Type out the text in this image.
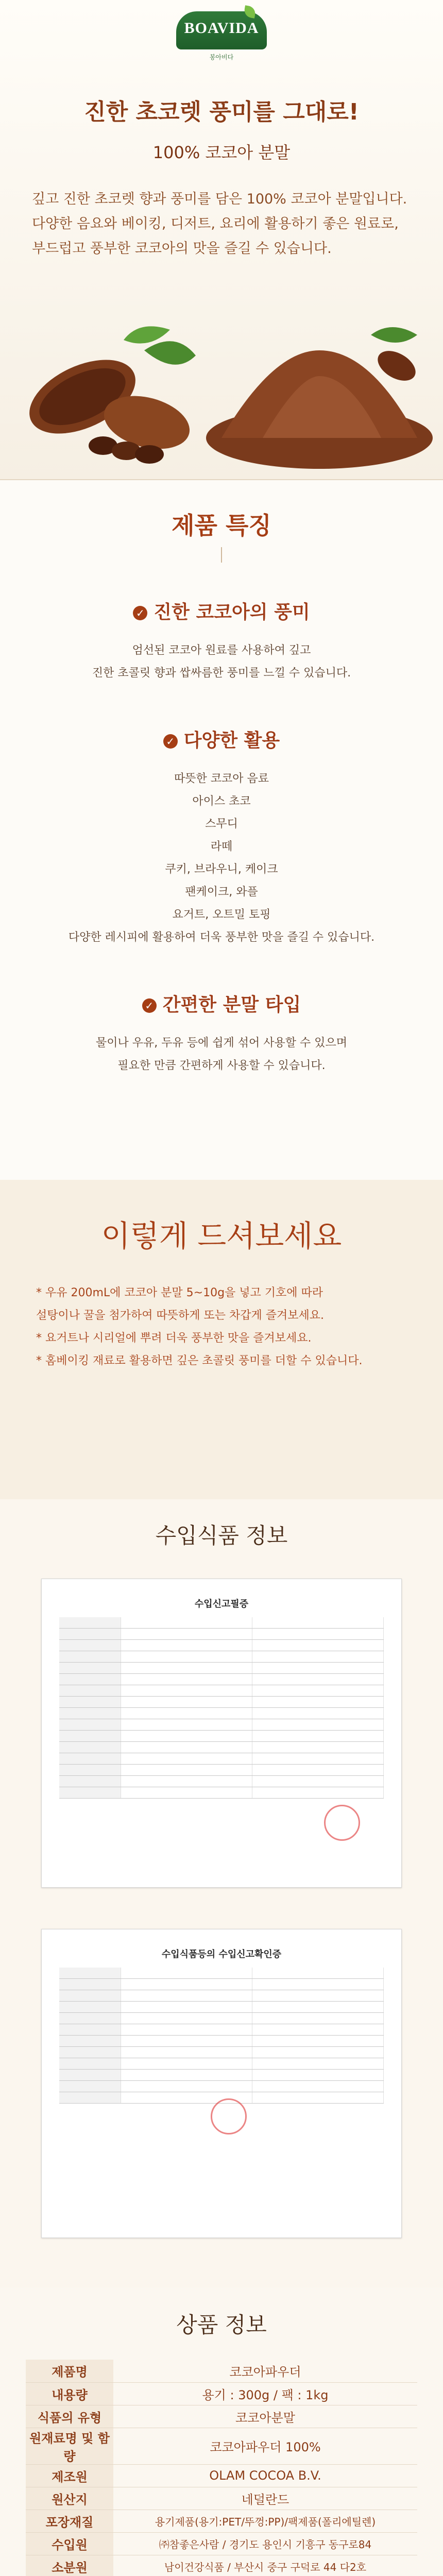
BOAVIDA
봉아비다
진한 초코렛 풍미를 그대로!
100% 코코아 분말

깊고 진한 초코렛 향과 풍미를 담은 100% 코코아 분말입니다. 다양한 음요와 베이킹, 디저트, 요리에 활용하기 좋은 원료로, 부드럽고 풍부한 코코아의 맛을 즐길 수 있습니다.

제품 특징
✓ 진한 코코아의 풍미

엄선된 코코아 원료를 사용하여 깊고

진한 초콜릿 향과 쌉싸름한 풍미를 느낄 수 있습니다.

✓ 다양한 활용

따뜻한 코코아 음료

아이스 초코

스무디

라떼

쿠키, 브라우니, 케이크

팬케이크, 와플

요거트, 오트밀 토핑

다양한 레시피에 활용하여 더욱 풍부한 맛을 즐길 수 있습니다.

✓ 간편한 분말 타입

물이나 우유, 두유 등에 쉽게 섞어 사용할 수 있으며

필요한 만큼 간편하게 사용할 수 있습니다.

이렇게 드셔보세요
* 우유 200mL에 코코아 분말 5~10g을 넣고 기호에 따라
설탕이나 꿀을 첨가하여 따뜻하게 또는 차갑게 즐겨보세요.
* 요거트나 시리얼에 뿌려 더욱 풍부한 맛을 즐겨보세요.
* 홈베이킹 재료로 활용하면 깊은 초콜릿 풍미를 더할 수 있습니다.
수입식품 정보
수입신고필증
수입식품등의 수입신고확인증
상품 정보
제품명	코코아파우더
내용량	용기 : 300g / 팩 : 1kg
식품의 유형	코코아분말
원재료명 및 함량	코코아파우더 100%
제조원	OLAM COCOA B.V.
원산지	네덜란드
포장재질	용기제품(용기:PET/뚜껑:PP)/팩제품(폴리에틸렌)
수입원	㈜참좋은사람 / 경기도 용인시 기흥구 동구로84
소분원	남이건강식품 / 부산시 중구 구덕로 44 다2호
